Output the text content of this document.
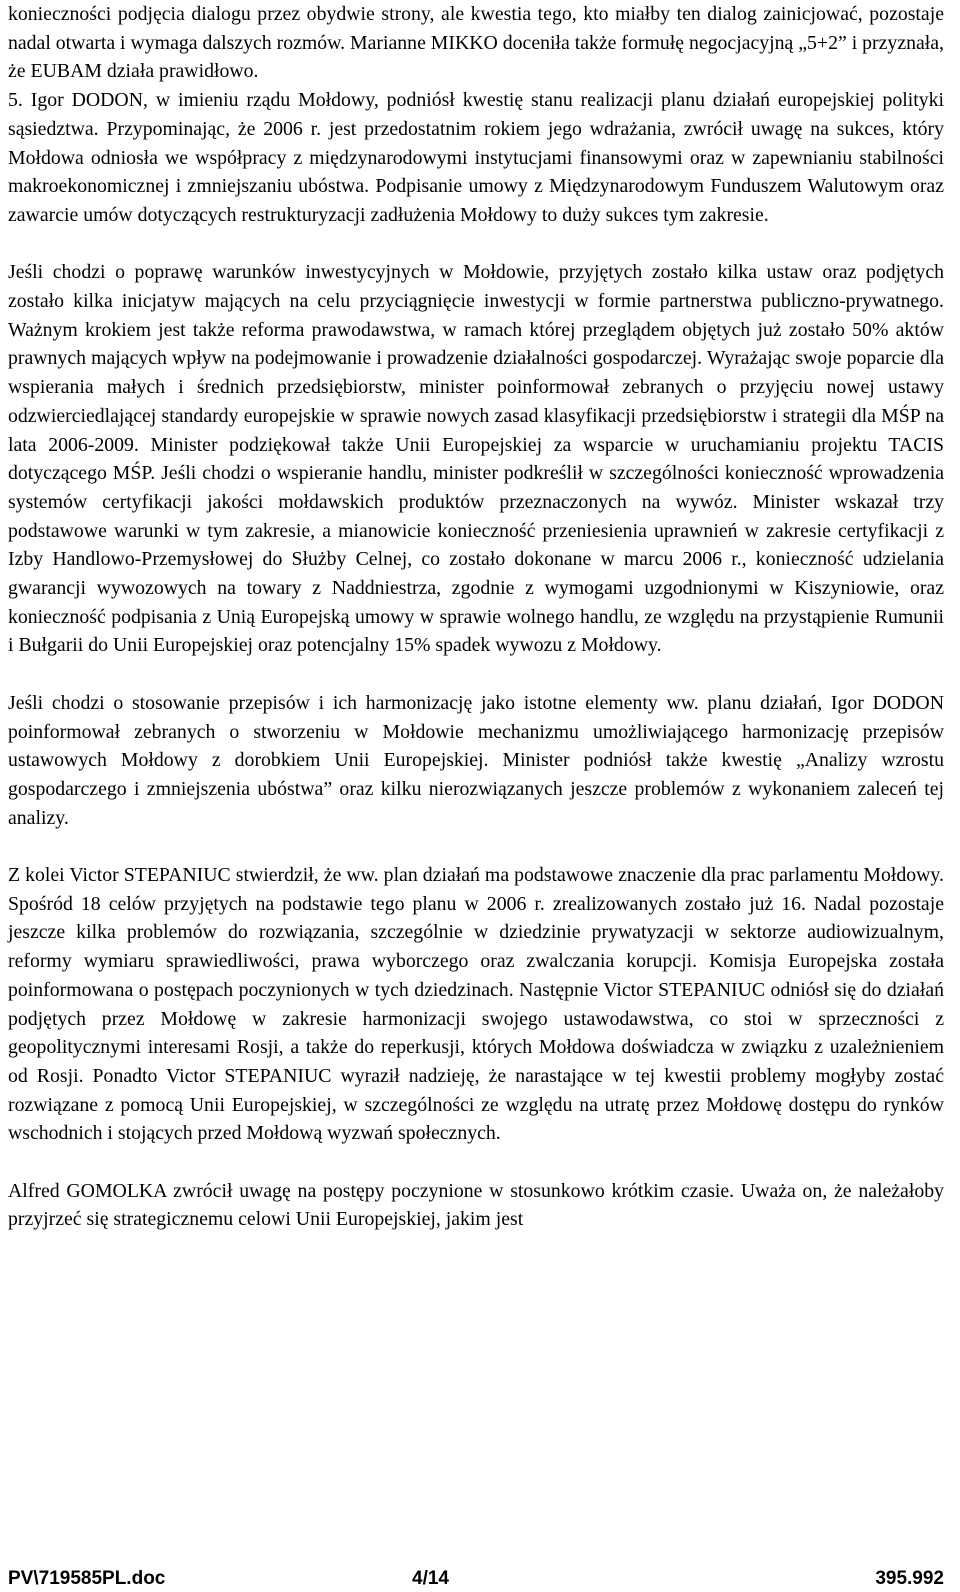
konieczności podjęcia dialogu przez obydwie strony, ale kwestia tego, kto miałby ten dialog zainicjować, pozostaje nadal otwarta i wymaga dalszych rozmów. Marianne MIKKO doceniła także formułę negocjacyjną „5+2” i przyznała, że EUBAM działa prawidłowo.

5. Igor DODON, w imieniu rządu Mołdowy, podniósł kwestię stanu realizacji planu działań europejskiej polityki sąsiedztwa. Przypominając, że 2006 r. jest przedostatnim rokiem jego wdrażania, zwrócił uwagę na sukces, który Mołdowa odniosła we współpracy z międzynarodowymi instytucjami finansowymi oraz w zapewnianiu stabilności makroekonomicznej i zmniejszaniu ubóstwa. Podpisanie umowy z Międzynarodowym Funduszem Walutowym oraz zawarcie umów dotyczących restrukturyzacji zadłużenia Mołdowy to duży sukces tym zakresie.

Jeśli chodzi o poprawę warunków inwestycyjnych w Mołdowie, przyjętych zostało kilka ustaw oraz podjętych zostało kilka inicjatyw mających na celu przyciągnięcie inwestycji w formie partnerstwa publiczno-prywatnego. Ważnym krokiem jest także reforma prawodawstwa, w ramach której przeglądem objętych już zostało 50% aktów prawnych mających wpływ na podejmowanie i prowadzenie działalności gospodarczej. Wyrażając swoje poparcie dla wspierania małych i średnich przedsiębiorstw, minister poinformował zebranych o przyjęciu nowej ustawy odzwierciedlającej standardy europejskie w sprawie nowych zasad klasyfikacji przedsiębiorstw i strategii dla MŚP na lata 2006-2009. Minister podziękował także Unii Europejskiej za wsparcie w uruchamianiu projektu TACIS dotyczącego MŚP. Jeśli chodzi o wspieranie handlu, minister podkreślił w szczególności konieczność wprowadzenia systemów certyfikacji jakości mołdawskich produktów przeznaczonych na wywóz. Minister wskazał trzy podstawowe warunki w tym zakresie, a mianowicie konieczność przeniesienia uprawnień w zakresie certyfikacji z Izby Handlowo-Przemysłowej do Służby Celnej, co zostało dokonane w marcu 2006 r., konieczność udzielania gwarancji wywozowych na towary z Naddniestrza, zgodnie z wymogami uzgodnionymi w Kiszyniowie, oraz konieczność podpisania z Unią Europejską umowy w sprawie wolnego handlu, ze względu na przystąpienie Rumunii i Bułgarii do Unii Europejskiej oraz potencjalny 15% spadek wywozu z Mołdowy.

Jeśli chodzi o stosowanie przepisów i ich harmonizację jako istotne elementy ww. planu działań, Igor DODON poinformował zebranych o stworzeniu w Mołdowie mechanizmu umożliwiającego harmonizację przepisów ustawowych Mołdowy z dorobkiem Unii Europejskiej. Minister podniósł także kwestię „Analizy wzrostu gospodarczego i zmniejszenia ubóstwa” oraz kilku nierozwiązanych jeszcze problemów z wykonaniem zaleceń tej analizy.

Z kolei Victor STEPANIUC stwierdził, że ww. plan działań ma podstawowe znaczenie dla prac parlamentu Mołdowy. Spośród 18 celów przyjętych na podstawie tego planu w 2006 r. zrealizowanych zostało już 16. Nadal pozostaje jeszcze kilka problemów do rozwiązania, szczególnie w dziedzinie prywatyzacji w sektorze audiowizualnym, reformy wymiaru sprawiedliwości, prawa wyborczego oraz zwalczania korupcji. Komisja Europejska została poinformowana o postępach poczynionych w tych dziedzinach. Następnie Victor STEPANIUC odniósł się do działań podjętych przez Mołdowę w zakresie harmonizacji swojego ustawodawstwa, co stoi w sprzeczności z geopolitycznymi interesami Rosji, a także do reperkusji, których Mołdowa doświadcza w związku z uzależnieniem od Rosji. Ponadto Victor STEPANIUC wyraził nadzieję, że narastające w tej kwestii problemy mogłyby zostać rozwiązane z pomocą Unii Europejskiej, w szczególności ze względu na utratę przez Mołdowę dostępu do rynków wschodnich i stojących przed Mołdową wyzwań społecznych.

Alfred GOMOLKA zwrócił uwagę na postępy poczynione w stosunkowo krótkim czasie. Uważa on, że należałoby przyjrzeć się strategicznemu celowi Unii Europejskiej, jakim jest

PV\719585PL.doc	4/14	395.992
